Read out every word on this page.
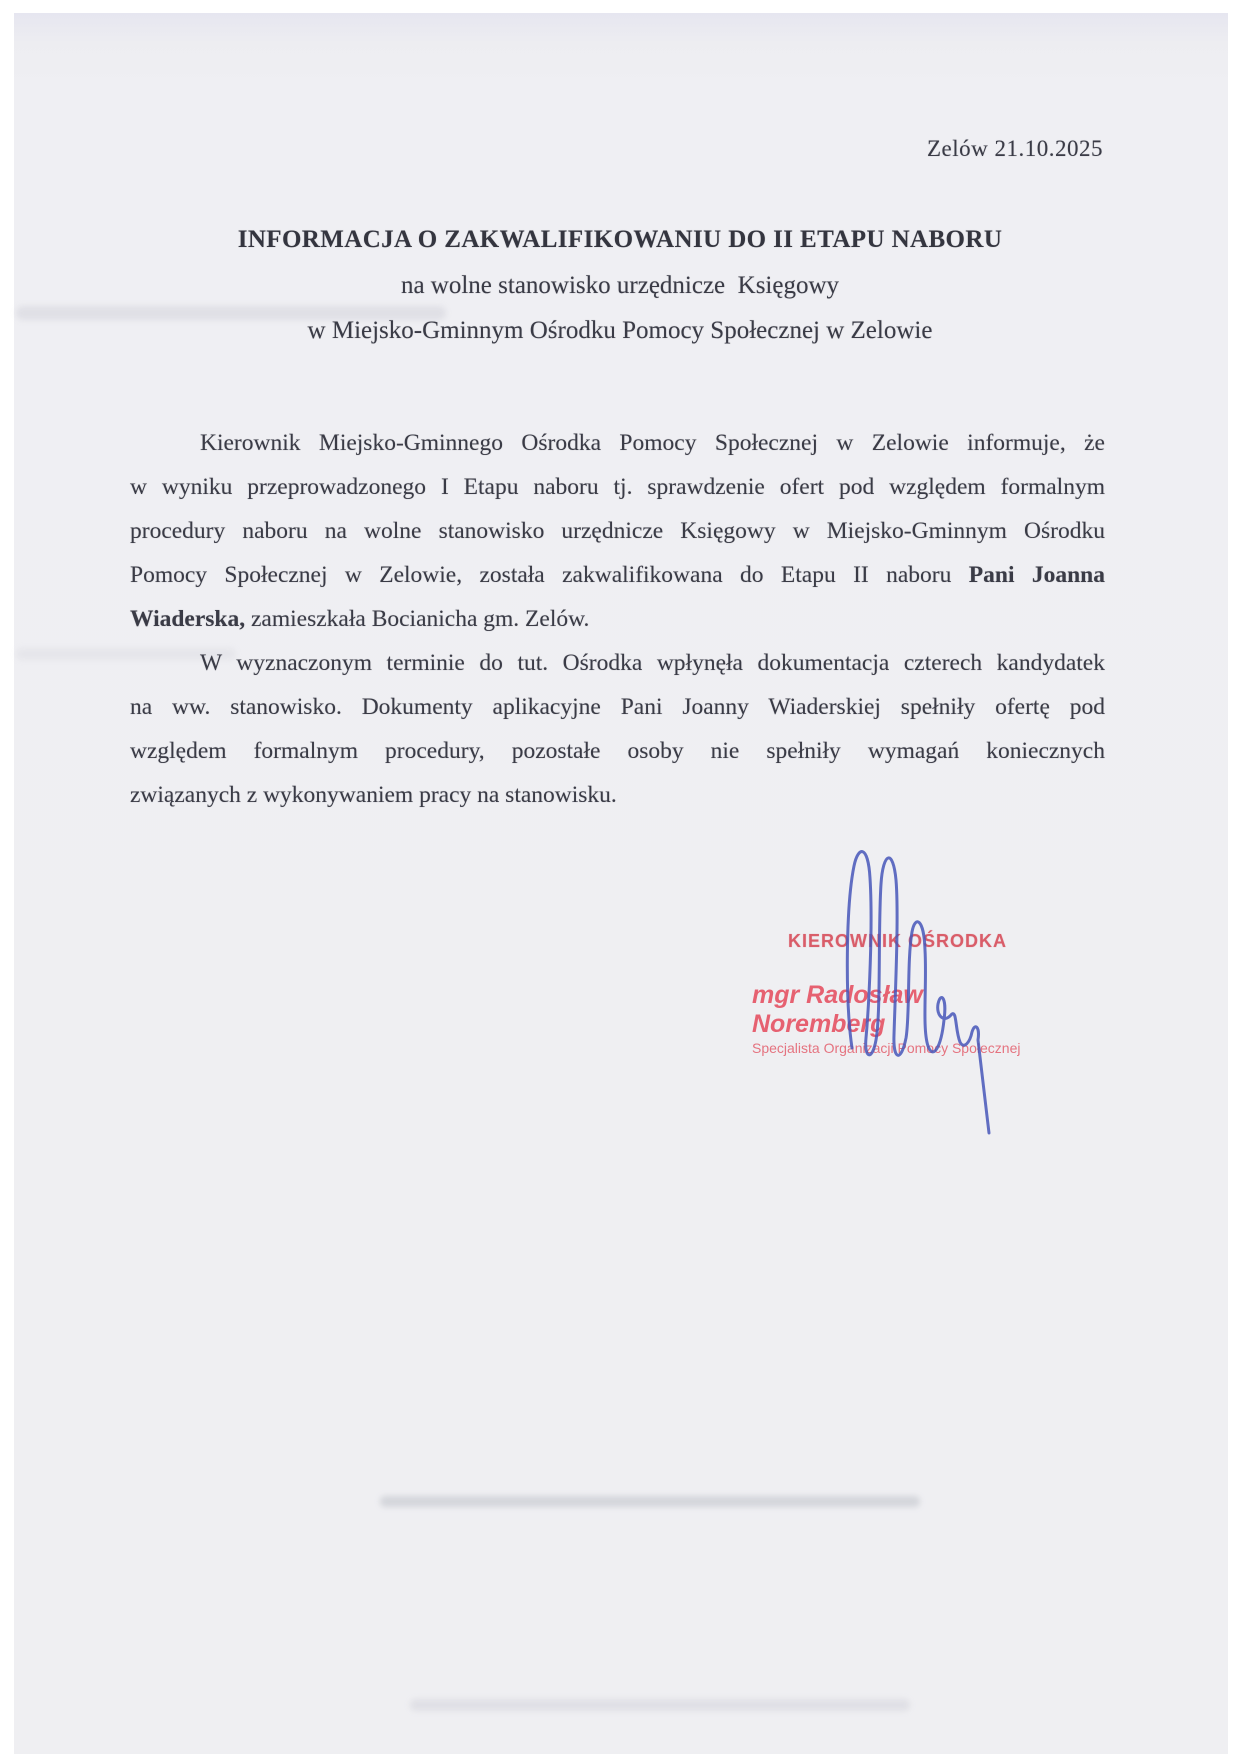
Zelów 21.10.2025
INFORMACJA O ZAKWALIFIKOWANIU DO II ETAPU NABORU
na wolne stanowisko urzędnicze  Księgowy
w Miejsko-Gminnym Ośrodku Pomocy Społecznej w Zelowie
Kierownik Miejsko-Gminnego Ośrodka Pomocy Społecznej w Zelowie informuje, że
w wyniku przeprowadzonego I Etapu naboru tj. sprawdzenie ofert pod względem formalnym
procedury naboru na wolne stanowisko urzędnicze Księgowy w Miejsko-Gminnym Ośrodku
Pomocy Społecznej w Zelowie, została zakwalifikowana do Etapu II naboru Pani Joanna
Wiaderska, zamieszkała Bocianicha gm. Zelów.
W wyznaczonym terminie do tut. Ośrodka wpłynęła dokumentacja czterech kandydatek
na ww. stanowisko. Dokumenty aplikacyjne Pani Joanny Wiaderskiej spełniły ofertę pod
względem formalnym procedury, pozostałe osoby nie spełniły wymagań koniecznych
związanych z wykonywaniem pracy na stanowisku.
KIEROWNIK OŚRODKA
mgr Radosław Noremberg
Specjalista Organizacji Pomocy Społecznej
